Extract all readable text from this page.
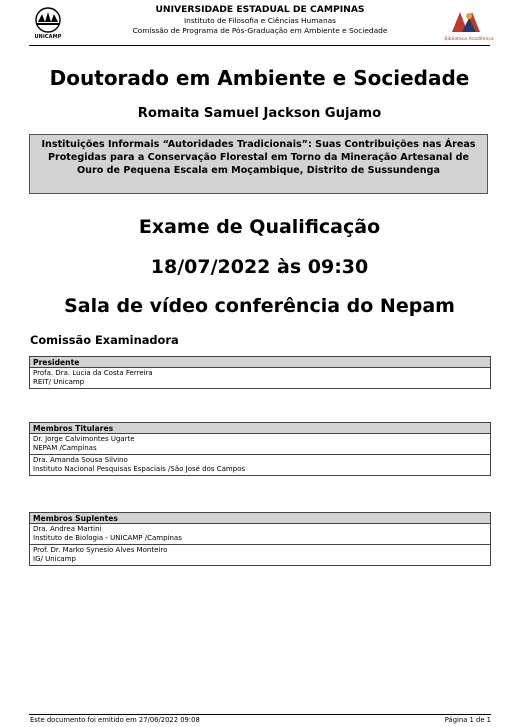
UNICAMP
UNIVERSIDADE ESTADUAL DE CAMPINAS
Instituto de Filosofia e Ciências Humanas
Comissão de Programa de Pós-Graduação em Ambiente e Sociedade
Biblioteca Acadêmica
Doutorado em Ambiente e Sociedade
Romaita Samuel Jackson Gujamo
Instituições Informais “Autoridades Tradicionais”: Suas Contribuições nas Áreas Protegidas para a Conservação Florestal em Torno da Mineração Artesanal de Ouro de Pequena Escala em Moçambique, Distrito de Sussundenga
Exame de Qualificação
18/07/2022 às 09:30
Sala de vídeo conferência do Nepam
Comissão Examinadora
Presidente
Profa. Dra. Lucia da Costa Ferreira
REIT/ Unicamp
Membros Titulares
Dr. Jorge Calvimontes Ugarte
NEPAM /Campinas
Dra. Amanda Sousa Silvino
Instituto Nacional Pesquisas Espaciais /São José dos Campos
Membros Suplentes
Dra. Andrea Martini
Instituto de Biologia - UNICAMP /Campinas
Prof. Dr. Marko Synesio Alves Monteiro
IG/ Unicamp
Este documento foi emitido em 27/06/2022 09:08	Página 1 de 1
